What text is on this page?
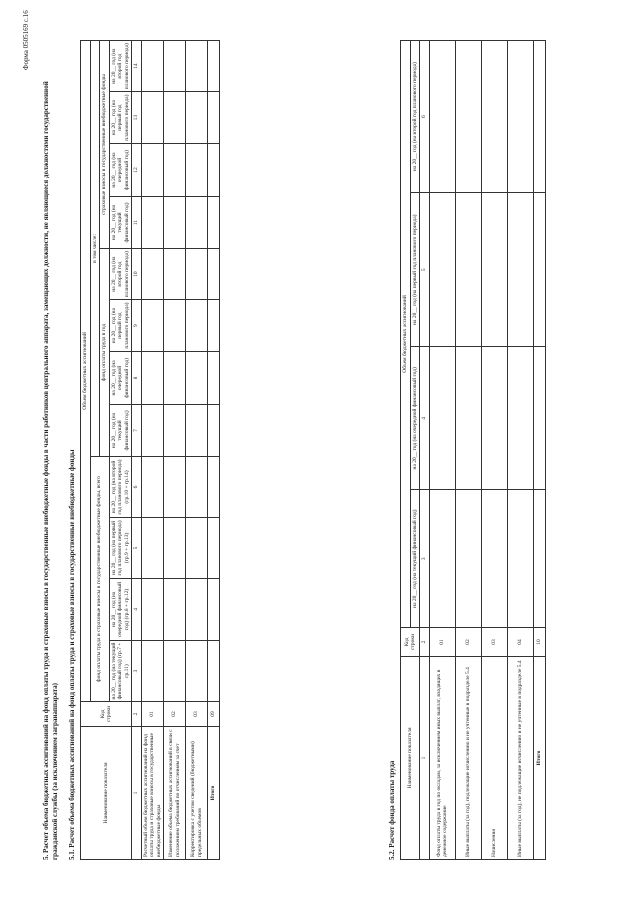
Форма 0505169 с.16
5. Расчет объема бюджетных ассигнований на фонд оплаты труда и страховые взносы в государственные внебюджетные фонды в части работников центрального аппарата, замещающих должности, не являющиеся должностями государственной гражданской службы (за исключением загранаппарата) 5.1. Расчет объема бюджетных ассигнований на фонд оплаты труда и страховые взносы в государственные внебюджетные фонды	Наименование показателя	Код строки	Объем бюджетных ассигнований											
		фонд оплаты труда и страховые взносы в государственные внебюджетные фонды, всего				в том числе:							
						фонд оплаты труда в год				страховые взносы в государственные внебюджетные фонды			
		на 20__ год (на текущий финансовый год) (гр.7 + гр.11)	на 20__ год (на очередной финансовый год) (гр.8 + гр.12)	на 20__ год (на первый год планового периода) (гр.9 + гр.13)	на 20__ год (на второй год планового периода) (гр.10 + гр.14)	на 20__ год (на текущий финансовый год)	на 20__ год (на очередной финансовый год)	на 20__ год (на первый год планового периода)	на 20__ год (на второй год планового периода)	на 20__ год (на текущий финансовый год)	на 20__ год (на очередной финансовый год)	на 20__ год (на первый год планового периода)	на 20__ год (на второй год планового периода)
1	2	3	4	5	6	7	8	9	10	11	12	13	14
Расчетный объем бюджетных ассигнований на фонд оплаты труда и страховые взносы в государственные внебюджетные фонды	01												
Изменение объема бюджетных ассигнований в связи с положением требований по отчислениям за счет	02												
Корректировка с учетом сведений (бюджетными) предельных объемов	03												
Итого	09												
5.2. Расчет фонда оплаты труда
Наименование показателя	Код строки	Объем бюджетных ассигнований			
		на 20__ год (на текущий финансовый год)	на 20__ год (на очередной финансовый год)	на 20__ год (на первый год планового периода)	на 20__ год (на второй год планового периода)
1	2	3	4	5	6
Фонд оплаты труда в год по окладам, за исключением иных выплат, входящих в денежное содержание	01				
Иные выплаты (за год), подлежащие исчислению и не учтенные в подразделе 5.4	02				
Начисления	03				
Иные выплаты (за год), не подлежащие исчислению и не учтенные в подразделе 5.4	04				
Итого	10				
